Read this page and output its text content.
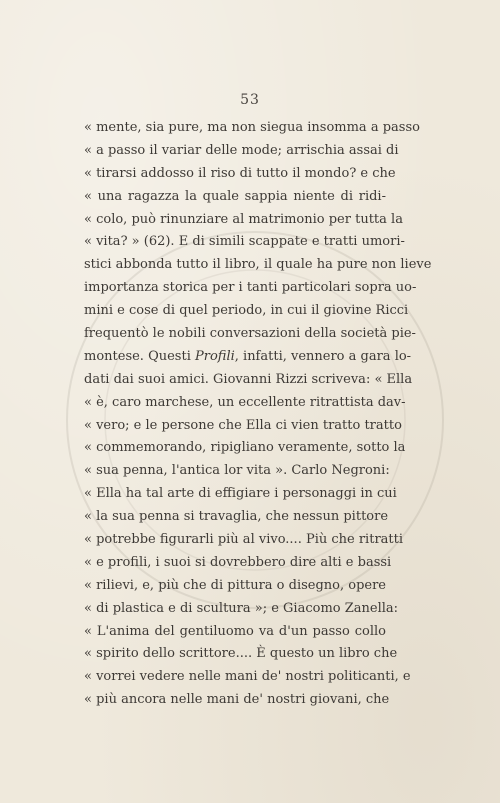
53
« mente, sia pure, ma non siegua insomma a passo
« a passo il variar delle mode; arrischia assai di
« tirarsi addosso il riso di tutto il mondo? e che
« una ragazza la quale sappia niente di ridi-
« colo, può rinunziare al matrimonio per tutta la
« vita? » (62). E di simili scappate e tratti umori-
stici abbonda tutto il libro, il quale ha pure non lieve
importanza storica per i tanti particolari sopra uo-
mini e cose di quel periodo, in cui il giovine Ricci
frequentò le nobili conversazioni della società pie-
montese. Questi Profili, infatti, vennero a gara lo-
dati dai suoi amici. Giovanni Rizzi scriveva: « Ella
« è, caro marchese, un eccellente ritrattista dav-
« vero; e le persone che Ella ci vien tratto tratto
« commemorando, ripigliano veramente, sotto la
« sua penna, l'antica lor vita ». Carlo Negroni:
« Ella ha tal arte di effigiare i personaggi in cui
« la sua penna si travaglia, che nessun pittore
« potrebbe figurarli più al vivo.... Più che ritratti
« e profili, i suoi si dovrebbero dire alti e bassi
« rilievi, e, più che di pittura o disegno, opere
« di plastica e di scultura »; e Giacomo Zanella:
« L'anima del gentiluomo va d'un passo collo
« spirito dello scrittore.... È questo un libro che
« vorrei vedere nelle mani de' nostri politicanti, e
« più ancora nelle mani de' nostri giovani, che
